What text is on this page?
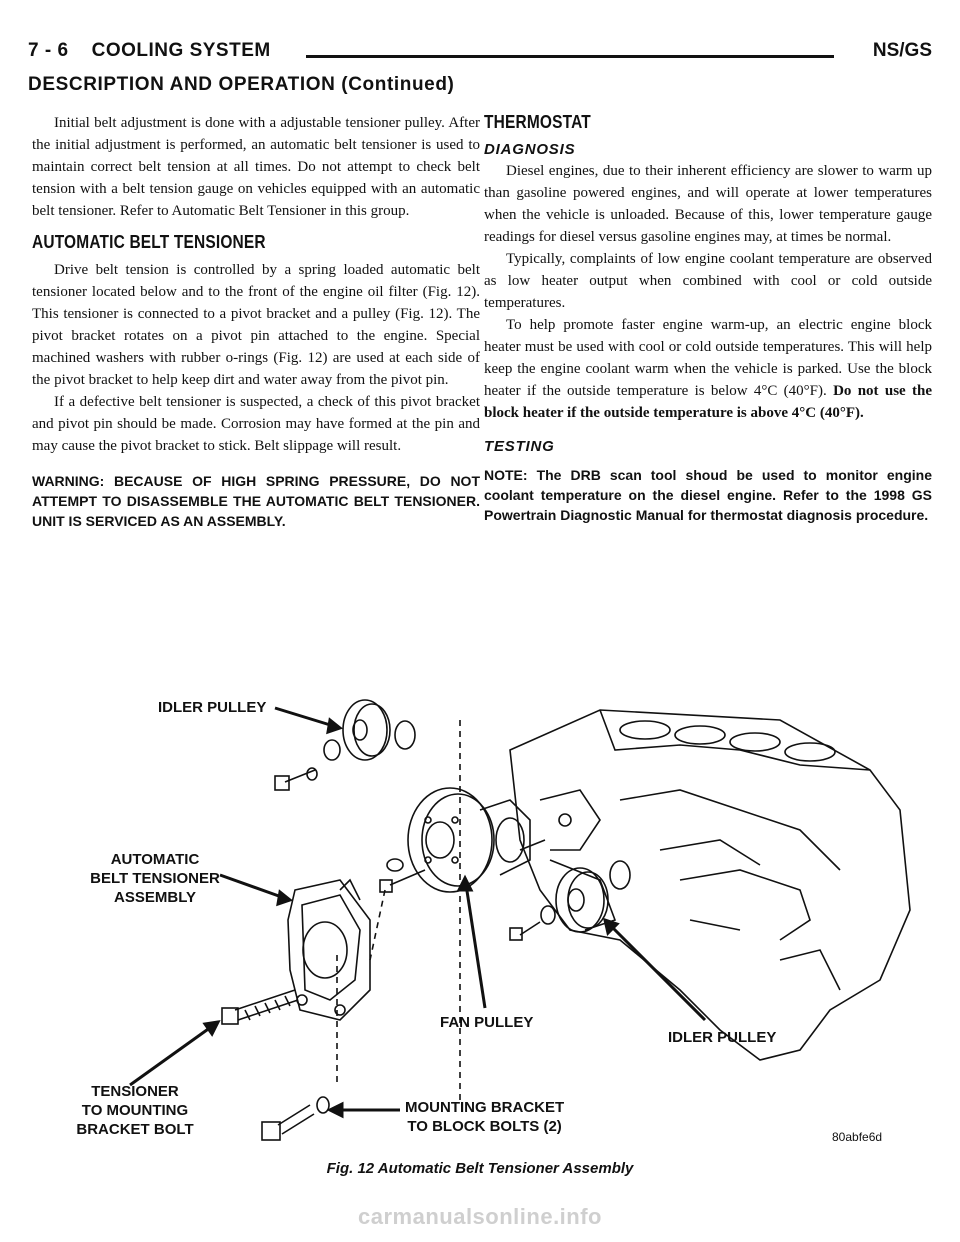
7 - 6    COOLING SYSTEM	NS/GS
DESCRIPTION AND OPERATION (Continued)

Initial belt adjustment is done with a adjustable tensioner pulley. After the initial adjustment is performed, an automatic belt tensioner is used to maintain correct belt tension at all times. Do not attempt to check belt tension with a belt tension gauge on vehicles equipped with an automatic belt tensioner. Refer to Automatic Belt Tensioner in this group.

AUTOMATIC BELT TENSIONER

Drive belt tension is controlled by a spring loaded automatic belt tensioner located below and to the front of the engine oil filter (Fig. 12). This tensioner is connected to a pivot bracket and a pulley (Fig. 12). The pivot bracket rotates on a pivot pin attached to the engine. Special machined washers with rubber o-rings (Fig. 12) are used at each side of the pivot bracket to help keep dirt and water away from the pivot pin.

If a defective belt tensioner is suspected, a check of this pivot bracket and pivot pin should be made. Corrosion may have formed at the pin and may cause the pivot bracket to stick. Belt slippage will result.

WARNING: BECAUSE OF HIGH SPRING PRESSURE, DO NOT ATTEMPT TO DISASSEMBLE THE AUTOMATIC BELT TENSIONER. UNIT IS SERVICED AS AN ASSEMBLY.
THERMOSTAT
DIAGNOSIS

Diesel engines, due to their inherent efficiency are slower to warm up than gasoline powered engines, and will operate at lower temperatures when the vehicle is unloaded. Because of this, lower temperature gauge readings for diesel versus gasoline engines may, at times be normal.

Typically, complaints of low engine coolant temperature are observed as low heater output when combined with cool or cold outside temperatures.

To help promote faster engine warm-up, an electric engine block heater must be used with cool or cold outside temperatures. This will help keep the engine coolant warm when the vehicle is parked. Use the block heater if the outside temperature is below 4°C (40°F). Do not use the block heater if the outside temperature is above 4°C (40°F).

TESTING
NOTE: The DRB scan tool shoud be used to monitor engine coolant temperature on the diesel engine. Refer to the 1998 GS Powertrain Diagnostic Manual for thermostat diagnosis procedure.
IDLER PULLEY
AUTOMATIC
BELT TENSIONER
ASSEMBLY
FAN PULLEY
IDLER PULLEY
TENSIONER
TO MOUNTING
BRACKET BOLT
MOUNTING BRACKET
TO BLOCK BOLTS (2)
80abfe6d
Fig. 12 Automatic Belt Tensioner Assembly
carmanualsonline.info
